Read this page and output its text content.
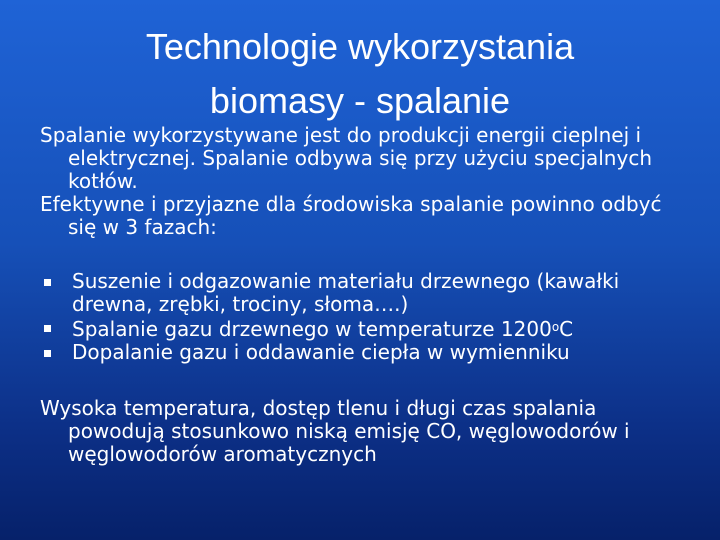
Technologie wykorzystania
biomasy - spalanie

Spalanie wykorzystywane jest do produkcji energii cieplnej i elektrycznej. Spalanie odbywa się przy użyciu specjalnych kotłów.

Efektywne i przyjazne dla środowiska spalanie powinno odbyć się w 3 fazach:

Suszenie i odgazowanie materiału drzewnego (kawałki drewna, zrębki, trociny, słoma….)
Spalanie gazu drzewnego w temperaturze 1200$^o$C
Dopalanie gazu i oddawanie ciepła w wymienniku

Wysoka temperatura, dostęp tlenu i długi czas spalania powodują stosunkowo niską emisję CO, węglowodorów i węglowodorów aromatycznych
